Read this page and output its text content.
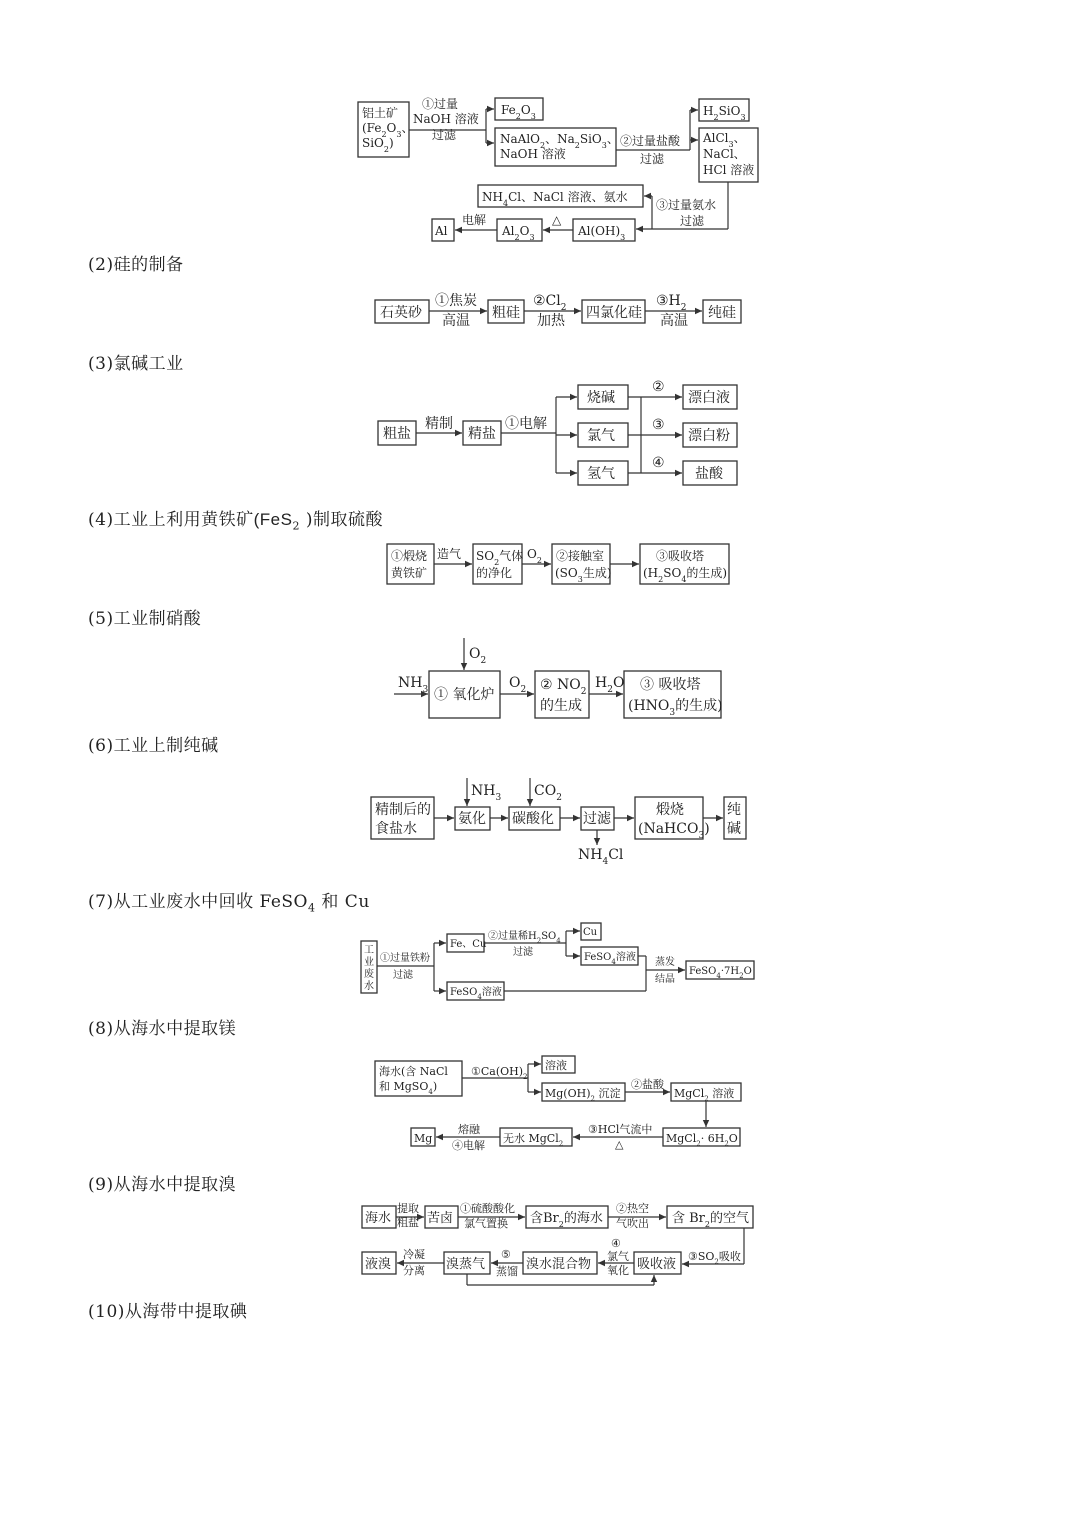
(2)硅的制备
(3)氯碱工业
(4)工业上利用黄铁矿(FeS$_2$ )制取硫酸
(5)工业制硝酸
(6)工业上制纯碱
(7)从工业废水中回收 FeSO$_4$ 和 Cu
(8)从海水中提取镁
(9)从海水中提取溴
(10)从海带中提取碘
铝土矿($Fe_2O_3$、 SiO$_2$)
①过量 NaOH 溶液过滤
$Fe_2O_3$
NaAlO$_2$、$Na_2SiO_3$、 NaOH 溶液
②过量盐酸过滤
$H_2SiO_3$
AlCl$_3$、 NaCl、 HCl 溶液
③过量氨水过滤
$NH_4Cl$、NaCl 溶液、氨水
$Al(OH)_3$
△
$Al_2O_3$
电解
Al
石英砂
①焦炭
高温 粗硅
$②Cl_2$
加热 四氯化硅
$③H_2$
高温 纯硅
粗盐
精制
精盐
①电解
烧碱
氯气
氢气
②
③
④
漂白液
漂白粉
盐酸
①煅烧
黄铁矿
造气 $SO_2$气体
的净化
$O_2$ ②接触室
($SO_3$生成)
③吸收塔
($H_2SO_4$的生成)
$O_2$
$NH_3$ ① 氧化炉
$O_2$ ② $NO_2$
的生成
$H_2O$ ③ 吸收塔
($HNO_3$的生成)
精制后的
食盐水
$NH_3$
氨化
$CO_2$
碳酸化 过滤
$NH_4Cl$
煅烧
(NaHCO$_3$)
纯
碱
工
业
废
水
①过量铁粉
过滤
Fe、Cu
②过量稀$H_2SO_4$
过滤
Cu
FeSO$_4$溶液
FeSO$_4$溶液
蒸发
结晶
$FeSO_4\cdot 7H_2O$
海水(含 NaCl
和 MgSO$_4$)
$①Ca(OH)_2$
溶液
$Mg(OH)_2$ 沉淀
②盐酸
MgCl$_2$ 溶液
MgCl$_2$· $6H_2O$
③HCl气流中
△
无水 MgCl$_2$
熔融
④电解
Mg
海水
提取
粗盐 苦卤
①硫酸酸化
氯气置换 含$Br_2$的海水
②热空
气吹出 含 $Br_2$的空气
$③SO_2$吸收
吸收液
④
氯气
氧化
溴水混合物
⑤
蒸馏
溴蒸气
冷凝
分离
液溴
